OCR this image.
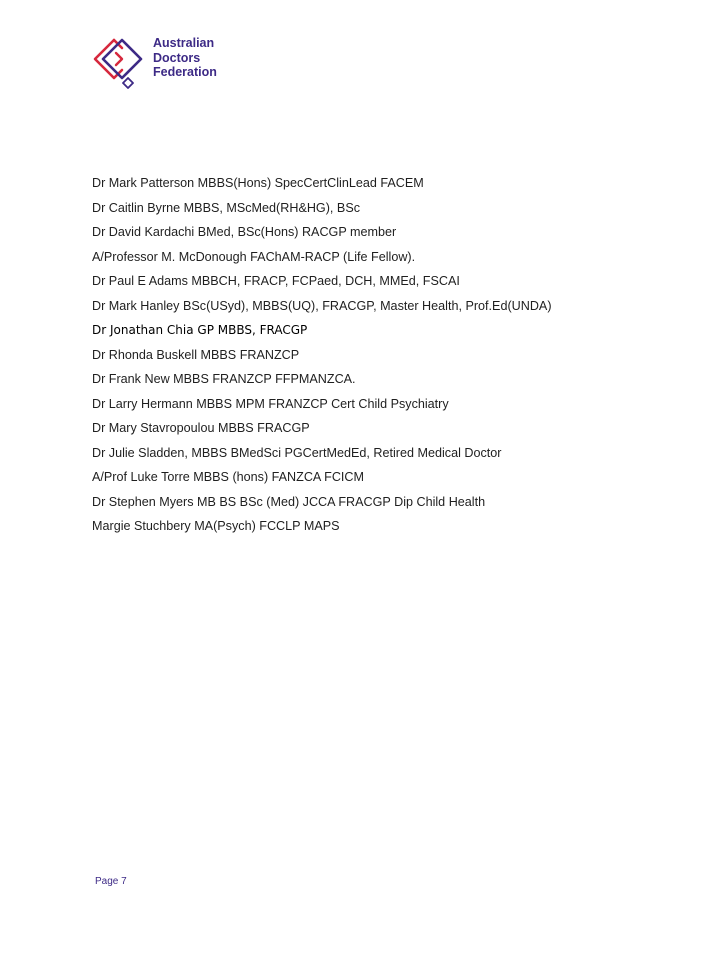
Australian
Doctors
Federation
Dr Mark Patterson MBBS(Hons) SpecCertClinLead FACEM
Dr Caitlin Byrne MBBS, MScMed(RH&HG), BSc
Dr David Kardachi BMed, BSc(Hons) RACGP member
A/Professor M. McDonough FAChAM-RACP (Life Fellow).
Dr Paul E Adams MBBCH, FRACP, FCPaed, DCH, MMEd, FSCAI
Dr Mark Hanley BSc(USyd), MBBS(UQ), FRACGP, Master Health, Prof.Ed(UNDA)
Dr Jonathan Chia GP MBBS, FRACGP
Dr Rhonda Buskell MBBS FRANZCP
Dr Frank New MBBS FRANZCP FFPMANZCA.
Dr Larry Hermann MBBS MPM FRANZCP Cert Child Psychiatry
Dr Mary Stavropoulou MBBS FRACGP
Dr Julie Sladden, MBBS BMedSci PGCertMedEd, Retired Medical Doctor
A/Prof Luke Torre MBBS (hons) FANZCA FCICM
Dr Stephen Myers MB BS BSc (Med) JCCA FRACGP Dip Child Health
Margie Stuchbery MA(Psych) FCCLP MAPS
Page 7
